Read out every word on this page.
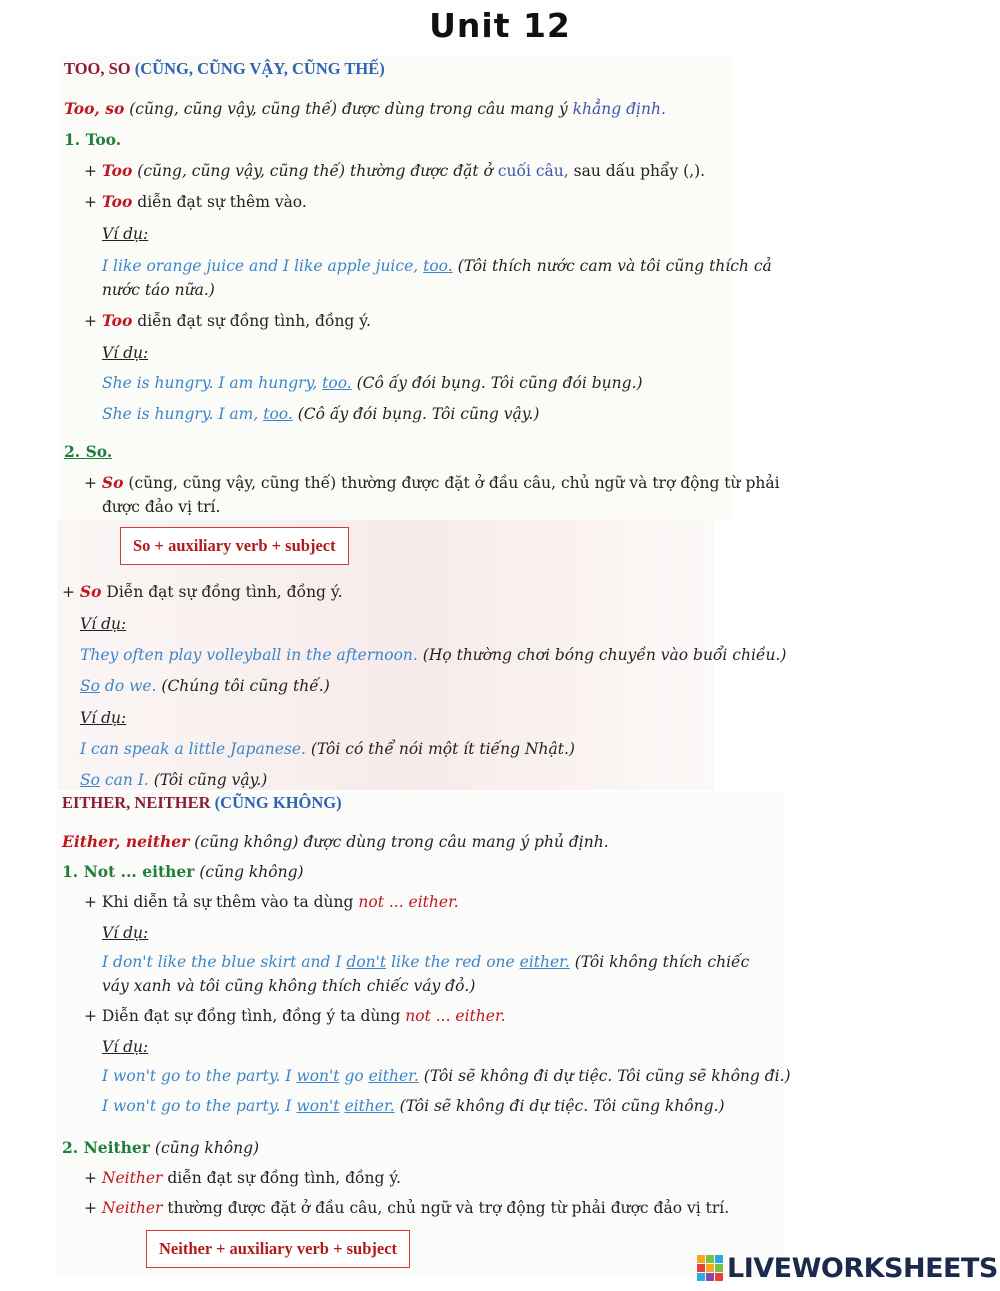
Unit 12
TOO, SO (CŨNG, CŨNG VẬY, CŨNG THẾ)
Too, so (cũng, cũng vậy, cũng thế) được dùng trong câu mang ý khẳng định.
1. Too.
+ Too (cũng, cũng vậy, cũng thế) thường được đặt ở cuối câu, sau dấu phẩy (,).
+ Too diễn đạt sự thêm vào.
Ví dụ:
I like orange juice and I like apple juice, too. (Tôi thích nước cam và tôi cũng thích cả
nước táo nữa.)
+ Too diễn đạt sự đồng tình, đồng ý.
Ví dụ:
She is hungry. I am hungry, too. (Cô ấy đói bụng. Tôi cũng đói bụng.)
She is hungry. I am, too. (Cô ấy đói bụng. Tôi cũng vậy.)
2. So.
+ So (cũng, cũng vậy, cũng thế) thường được đặt ở đầu câu, chủ ngữ và trợ động từ phải
được đảo vị trí.
So + auxiliary verb + subject
+ So Diễn đạt sự đồng tình, đồng ý.
Ví dụ:
They often play volleyball in the afternoon. (Họ thường chơi bóng chuyền vào buổi chiều.)
So do we. (Chúng tôi cũng thế.)
Ví dụ:
I can speak a little Japanese. (Tôi có thể nói một ít tiếng Nhật.)
So can I. (Tôi cũng vậy.)
EITHER, NEITHER (CŨNG KHÔNG)
Either, neither (cũng không) được dùng trong câu mang ý phủ định.
1. Not ... either (cũng không)
+ Khi diễn tả sự thêm vào ta dùng not ... either.
Ví dụ:
I don't like the blue skirt and I don't like the red one either. (Tôi không thích chiếc
váy xanh và tôi cũng không thích chiếc váy đỏ.)
+ Diễn đạt sự đồng tình, đồng ý ta dùng not ... either.
Ví dụ:
I won't go to the party. I won't go either. (Tôi sẽ không đi dự tiệc. Tôi cũng sẽ không đi.)
I won't go to the party. I won't either. (Tôi sẽ không đi dự tiệc. Tôi cũng không.)
2. Neither (cũng không)
+ Neither diễn đạt sự đồng tình, đồng ý.
+ Neither thường được đặt ở đầu câu, chủ ngữ và trợ động từ phải được đảo vị trí.
Neither + auxiliary verb + subject
LIVEWORKSHEETS
